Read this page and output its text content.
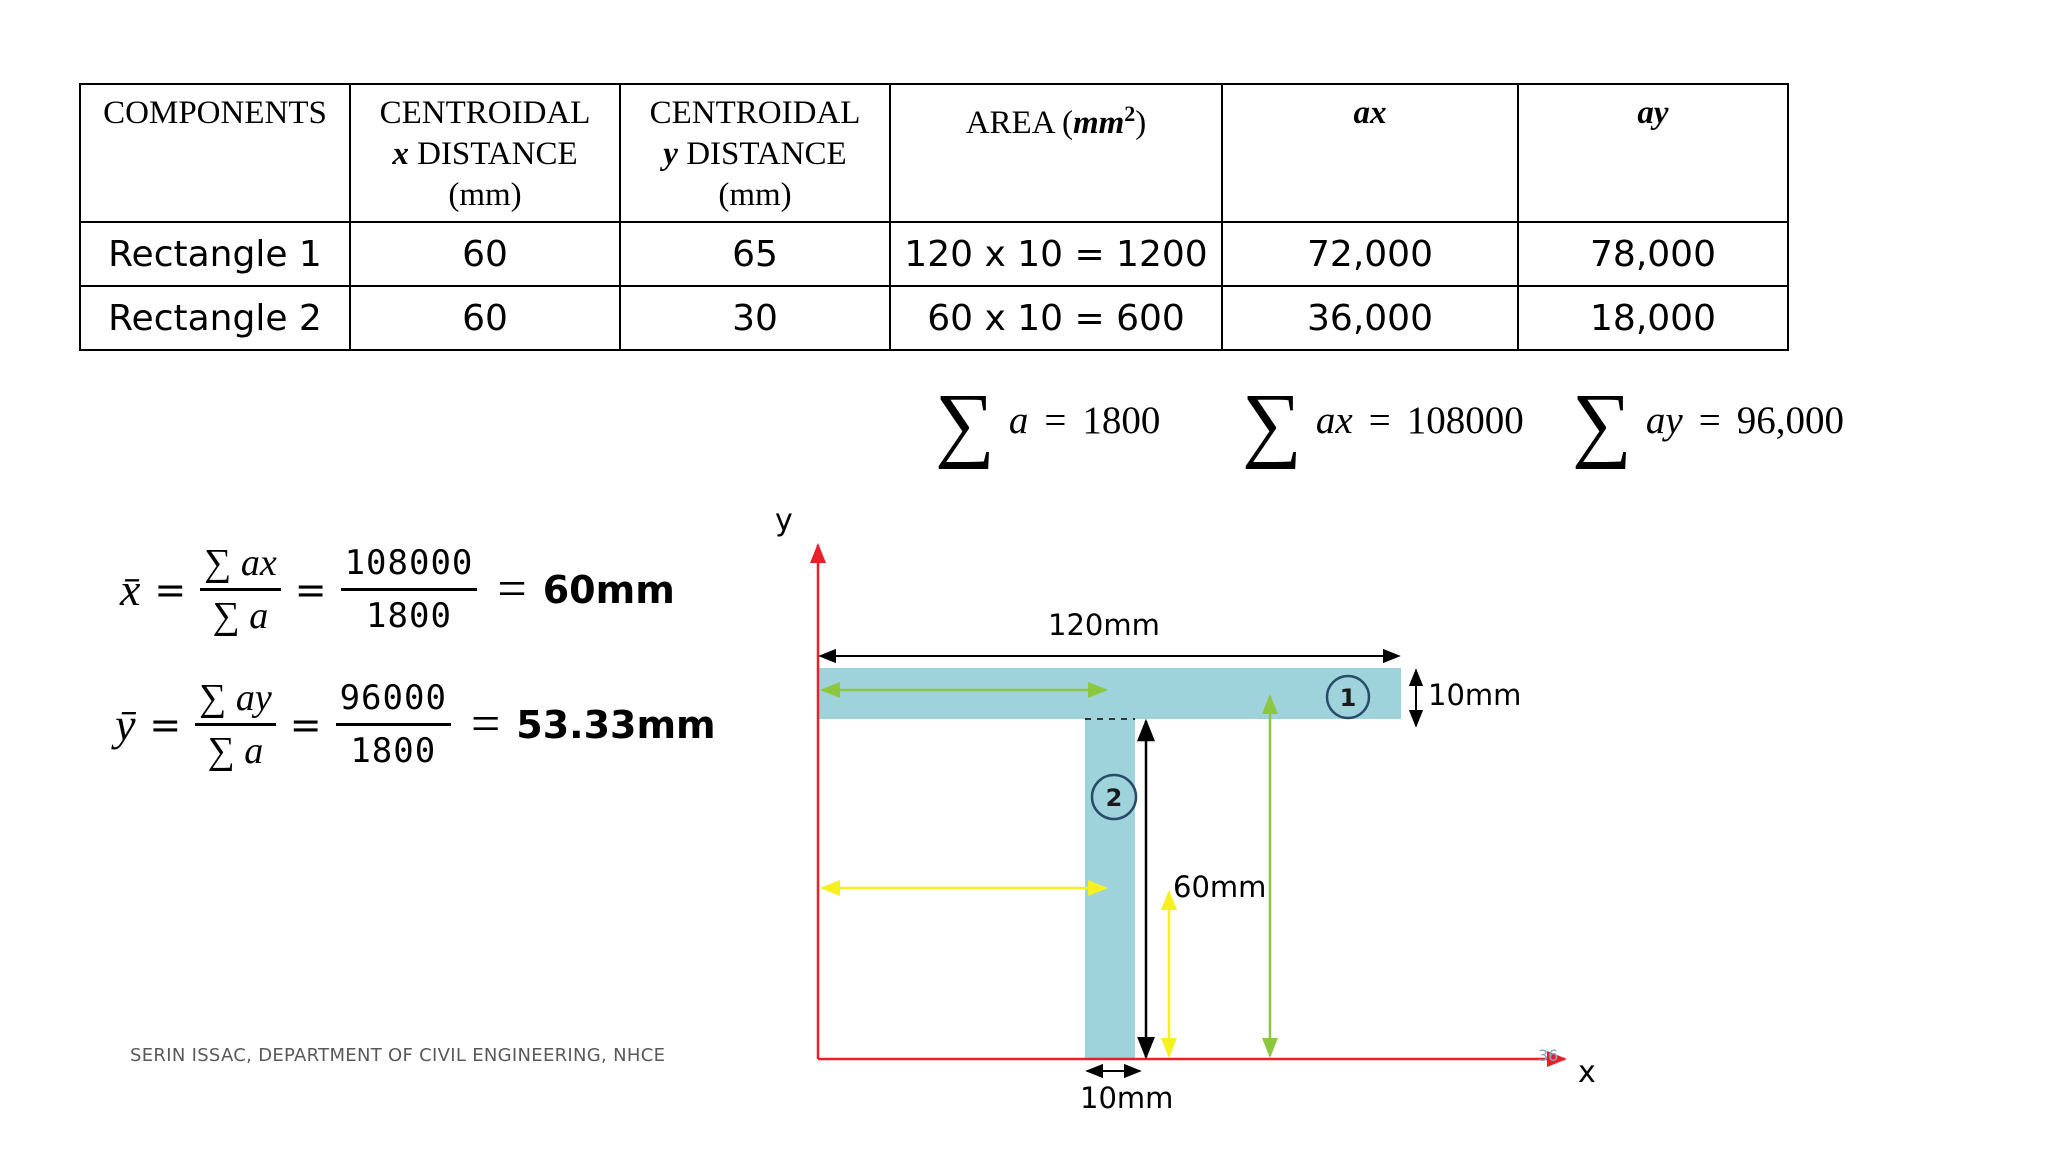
COMPONENTS	CENTROIDAL
x DISTANCE
(mm)	CENTROIDAL
y DISTANCE
(mm)	AREA $(mm^2)$	ax	ay
Rectangle 1	60	65	120 x 10 = 1200	72,000	78,000
Rectangle 2	60	30	60 x 10 = 600	36,000	18,000
∑ a = 1800 ∑ ax = 108000 ∑ ay = 96,000
x̄ = $\frac{\sum ax}{\sum a} = \frac{108000}{1800} = 60mm$
ȳ = $\frac{\sum ay}{\sum a} = \frac{96000}{1800} = 53.33mm$
y
x
120mm
10mm
60mm
10mm
1
2
SERIN ISSAC, DEPARTMENT OF CIVIL ENGINEERING, NHCE	36
